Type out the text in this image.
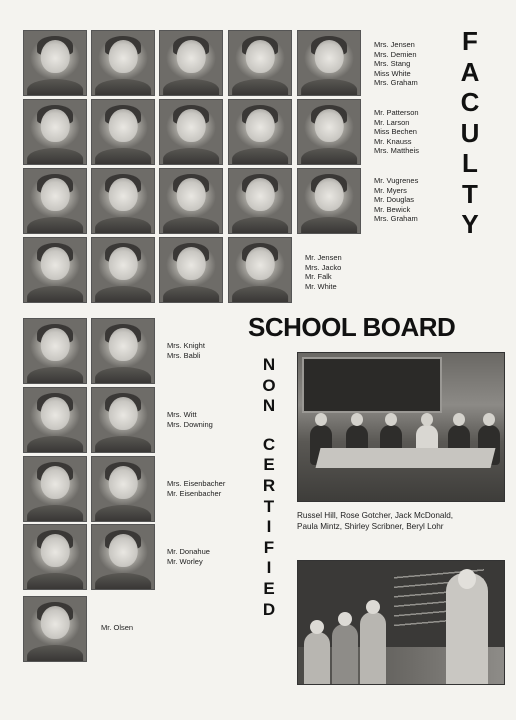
Mrs. Jensen
Mrs. Demien
Mrs. Stang
Miss White
Mrs. Graham
Mr. Patterson
Mr. Larson
Miss Bechen
Mr. Knauss
Mrs. Mattheis
Mr. Vugrenes
Mr. Myers
Mr. Douglas
Mr. Bewick
Mrs. Graham
Mr. Jensen
Mrs. Jacko
Mr. Falk
Mr. White
F
A
C
U
L
T
Y
SCHOOL BOARD
Mrs. Knight
Mrs. Babli
Mrs. Witt
Mrs. Downing
Mrs. Eisenbacher
Mr. Eisenbacher
Mr. Donahue
Mr. Worley
Mr. Olsen
N
O
N
C
E
R
T
I
F
I
E
D
Russel Hill, Rose Gotcher, Jack McDonald,
Paula Mintz, Shirley Scribner, Beryl Lohr
